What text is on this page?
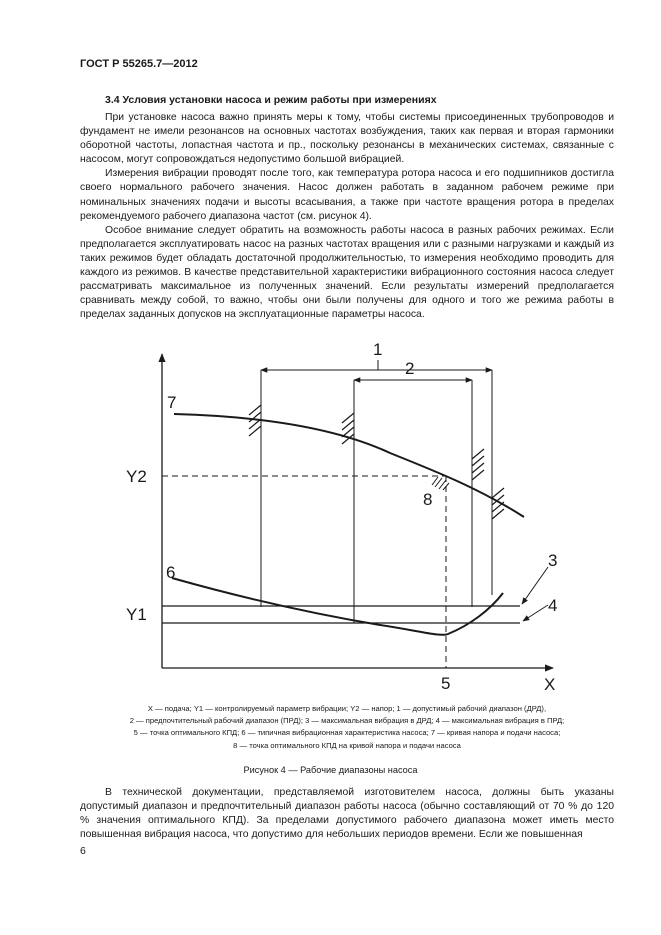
ГОСТ Р 55265.7—2012
3.4 Условия установки насоса и режим работы при измерениях

При установке насоса важно принять меры к тому, чтобы системы присоединенных трубопроводов и фундамент не имели резонансов на основных частотах возбуждения, таких как первая и вторая гармоники оборотной частоты, лопастная частота и пр., поскольку резонансы в механических системах, связанные с насосом, могут сопровождаться недопустимо большой вибрацией.

Измерения вибрации проводят после того, как температура ротора насоса и его подшипников достигла своего нормального рабочего значения. Насос должен работать в заданном рабочем режиме при номинальных значениях подачи и высоты всасывания, а также при частоте вращения ротора в пределах рекомендуемого рабочего диапазона частот (см. рисунок 4).

Особое внимание следует обратить на возможность работы насоса в разных рабочих режимах. Если предполагается эксплуатировать насос на разных частотах вращения или с разными нагрузками и каждый из таких режимов будет обладать достаточной продолжительностью, то измерения необходимо проводить для каждого из режимов. В качестве представительной характеристики вибрационного состояния насоса следует рассматривать максимальное из полученных значений. Если результаты измерений предполагается сравнивать между собой, то важно, чтобы они были получены для одного и того же режима работы в пределах заданных допусков на эксплуатационные параметры насоса.

1
2
3
4
5
6
7
8
Y1
Y2
X
X — подача; Y1 — контролируемый параметр вибрации; Y2 — напор; 1 — допустимый рабочий диапазон (ДРД),
2 — предпочтительный рабочий диапазон (ПРД); 3 — максимальная вибрация в ДРД; 4 — максимальная вибрация в ПРД;
5 — точка оптимального КПД; 6 — типичная вибрационная характеристика насоса; 7 — кривая напора и подачи насоса;
8 — точка оптимального КПД на кривой напора и подачи насоса
Рисунок 4 — Рабочие диапазоны насоса

В технической документации, представляемой изготовителем насоса, должны быть указаны допустимый диапазон и предпочтительный диапазон работы насоса (обычно составляющий от 70 % до 120 % значения оптимального КПД). За пределами допустимого рабочего диапазона может иметь место повышенная вибрация насоса, что допустимо для небольших периодов времени. Если же повышенная

6
